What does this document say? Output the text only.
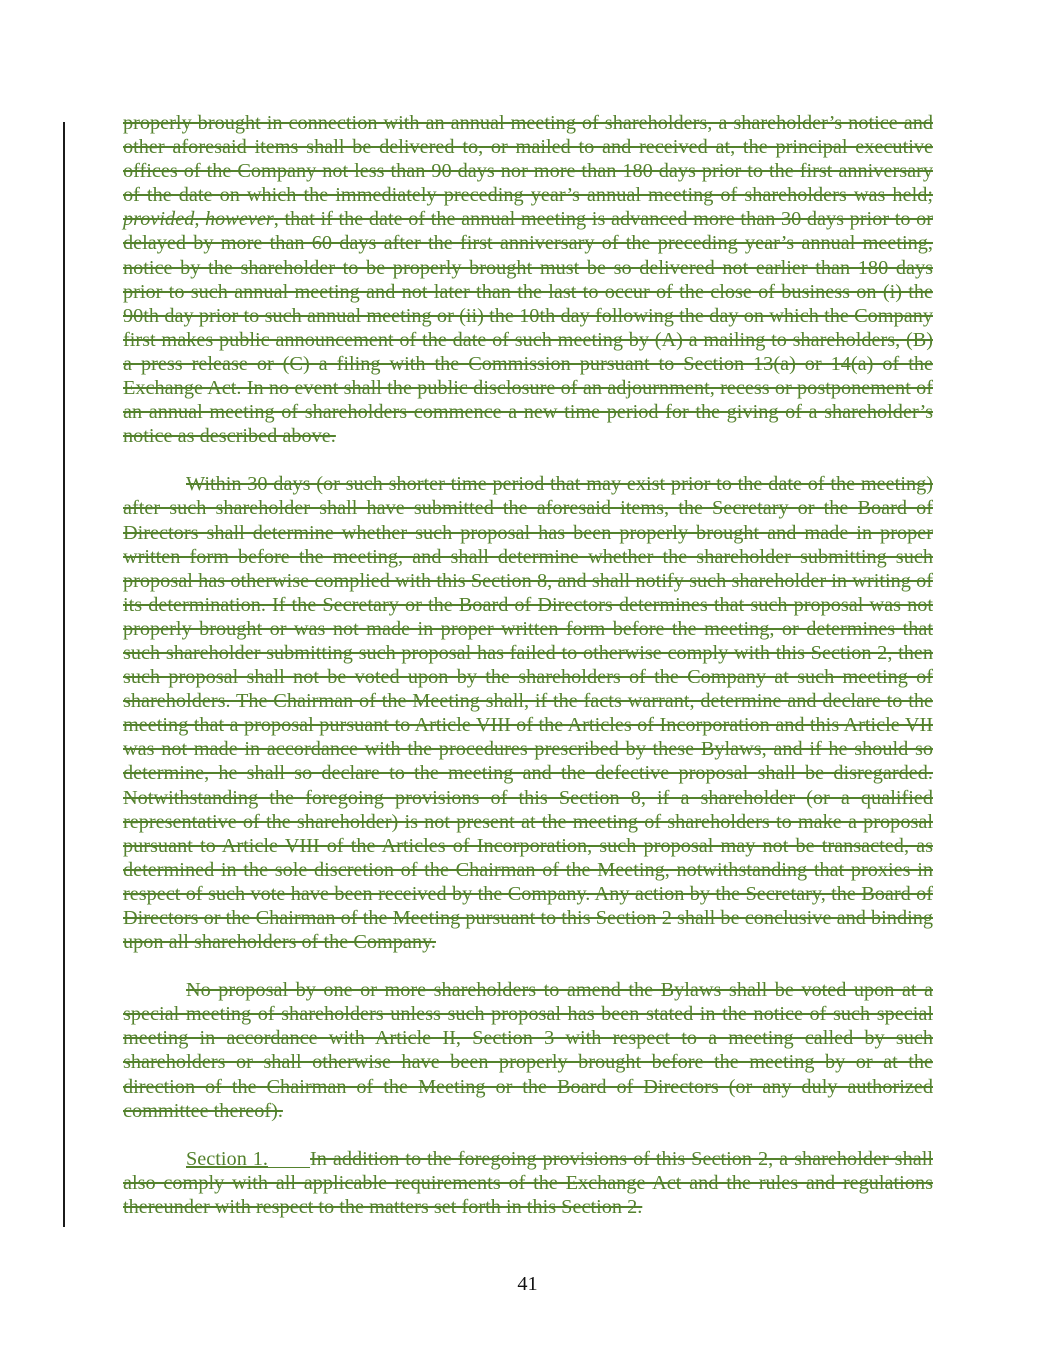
properly brought in connection with an annual meeting of shareholders, a shareholder’s notice and other aforesaid items shall be delivered to, or mailed to and received at, the principal executive offices of the Company not less than 90 days nor more than 180 days prior to the first anniversary of the date on which the immediately preceding year’s annual meeting of shareholders was held; provided, however, that if the date of the annual meeting is advanced more than 30 days prior to or delayed by more than 60 days after the first anniversary of the preceding year’s annual meeting, notice by the shareholder to be properly brought must be so delivered not earlier than 180 days prior to such annual meeting and not later than the last to occur of the close of business on (i) the 90th day prior to such annual meeting or (ii) the 10th day following the day on which the Company first makes public announcement of the date of such meeting by (A) a mailing to shareholders, (B) a press release or (C) a filing with the Commission pursuant to Section 13(a) or 14(a) of the Exchange Act. In no event shall the public disclosure of an adjournment, recess or postponement of an annual meeting of shareholders commence a new time period for the giving of a shareholder’s notice as described above.

Within 30 days (or such shorter time period that may exist prior to the date of the meeting) after such shareholder shall have submitted the aforesaid items, the Secretary or the Board of Directors shall determine whether such proposal has been properly brought and made in proper written form before the meeting, and shall determine whether the shareholder submitting such proposal has otherwise complied with this Section 8, and shall notify such shareholder in writing of its determination. If the Secretary or the Board of Directors determines that such proposal was not properly brought or was not made in proper written form before the meeting, or determines that such shareholder submitting such proposal has failed to otherwise comply with this Section 2, then such proposal shall not be voted upon by the shareholders of the Company at such meeting of shareholders. The Chairman of the Meeting shall, if the facts warrant, determine and declare to the meeting that a proposal pursuant to Article VIII of the Articles of Incorporation and this Article VII was not made in accordance with the procedures prescribed by these Bylaws, and if he should so determine, he shall so declare to the meeting and the defective proposal shall be disregarded. Notwithstanding the foregoing provisions of this Section 8, if a shareholder (or a qualified representative of the shareholder) is not present at the meeting of shareholders to make a proposal pursuant to Article VIII of the Articles of Incorporation, such proposal may not be transacted, as determined in the sole discretion of the Chairman of the Meeting, notwithstanding that proxies in respect of such vote have been received by the Company. Any action by the Secretary, the Board of Directors or the Chairman of the Meeting pursuant to this Section 2 shall be conclusive and binding upon all shareholders of the Company.

No proposal by one or more shareholders to amend the Bylaws shall be voted upon at a special meeting of shareholders unless such proposal has been stated in the notice of such special meeting in accordance with Article II, Section 3 with respect to a meeting called by such shareholders or shall otherwise have been properly brought before the meeting by or at the direction of the Chairman of the Meeting or the Board of Directors (or any duly authorized committee thereof).

Section 1. In addition to the foregoing provisions of this Section 2, a shareholder shall also comply with all applicable requirements of the Exchange Act and the rules and regulations thereunder with respect to the matters set forth in this Section 2.

41
